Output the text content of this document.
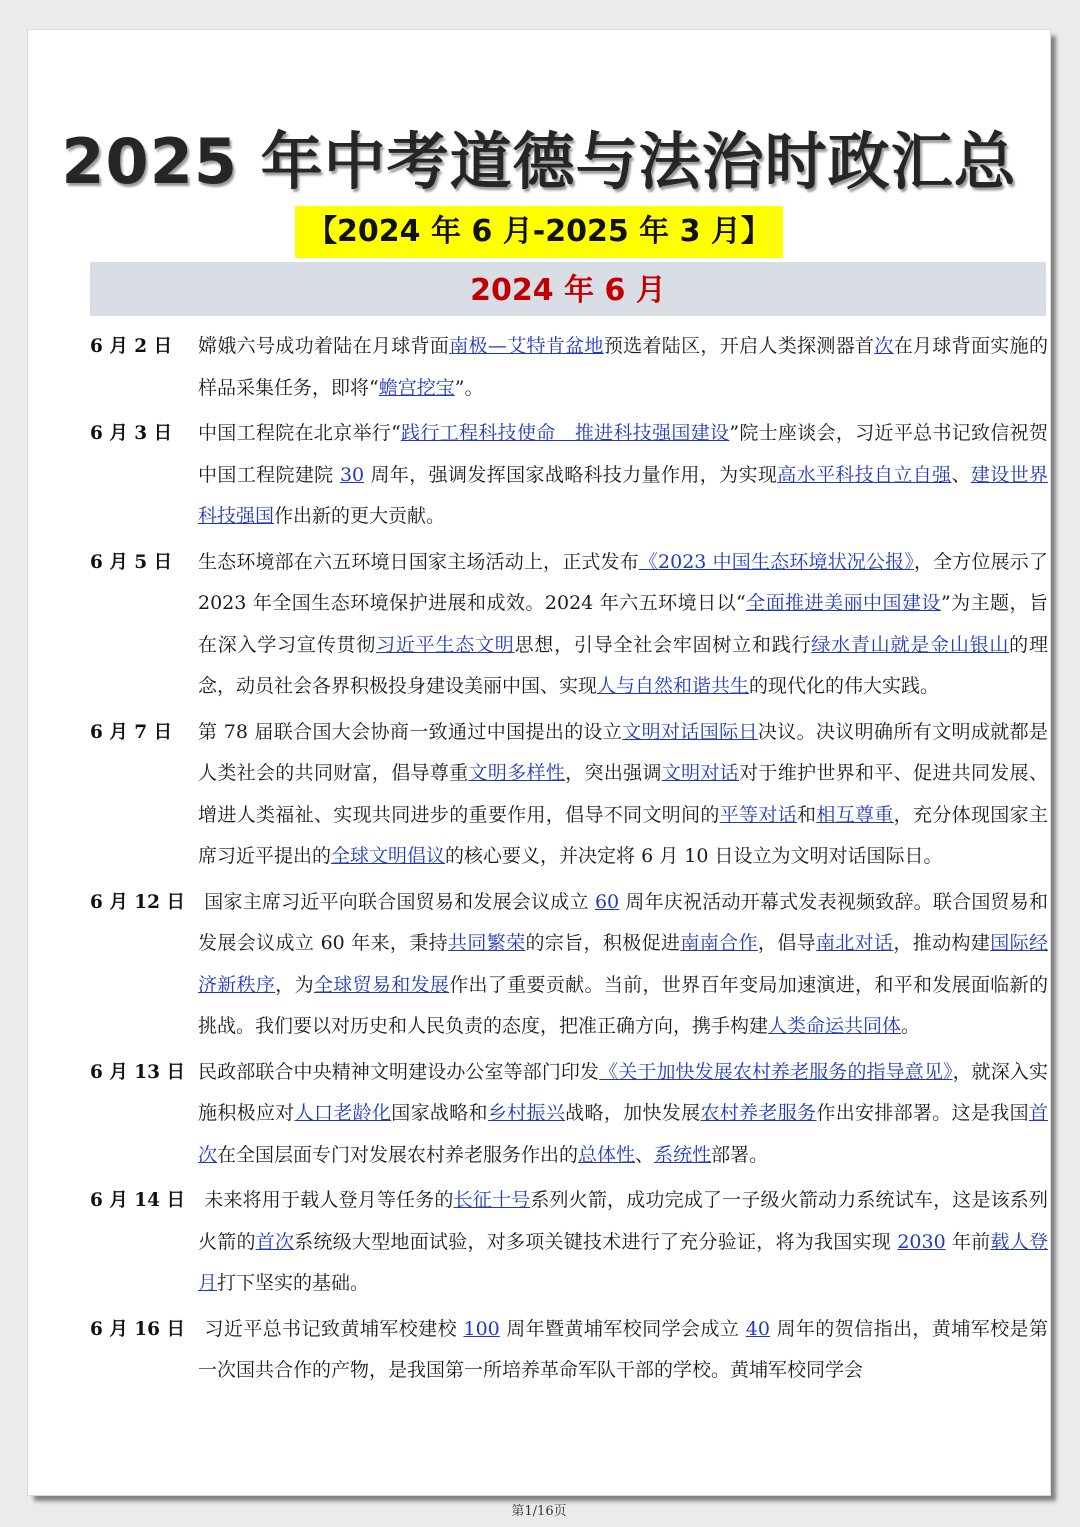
2025 年中考道德与法治时政汇总
【2024 年 6 月-2025 年 3 月】
2024 年 6 月
6 月 2 日	嫦娥六号成功着陆在月球背面南极—艾特肯盆地预选着陆区，开启人类探测器首次在月球背面实施的样品采集任务，即将“蟾宫挖宝”。
6 月 3 日	中国工程院在北京举行“践行工程科技使命　推进科技强国建设”院士座谈会，习近平总书记致信祝贺中国工程院建院 30 周年，强调发挥国家战略科技力量作用，为实现高水平科技自立自强、建设世界科技强国作出新的更大贡献。
6 月 5 日	生态环境部在六五环境日国家主场活动上，正式发布《2023 中国生态环境状况公报》，全方位展示了 2023 年全国生态环境保护进展和成效。2024 年六五环境日以“全面推进美丽中国建设”为主题，旨在深入学习宣传贯彻习近平生态文明思想，引导全社会牢固树立和践行绿水青山就是金山银山的理念，动员社会各界积极投身建设美丽中国、实现人与自然和谐共生的现代化的伟大实践。
6 月 7 日	第 78 届联合国大会协商一致通过中国提出的设立文明对话国际日决议。决议明确所有文明成就都是人类社会的共同财富，倡导尊重文明多样性，突出强调文明对话对于维护世界和平、促进共同发展、增进人类福祉、实现共同进步的重要作用，倡导不同文明间的平等对话和相互尊重，充分体现国家主席习近平提出的全球文明倡议的核心要义，并决定将 6 月 10 日设立为文明对话国际日。
6 月 12 日 国家主席习近平向联合国贸易和发展会议成立 60 周年庆祝活动开幕式发表视频致辞。联合国贸易和发展会议成立 60 年来，秉持共同繁荣的宗旨，积极促进南南合作，倡导南北对话，推动构建国际经济新秩序，为全球贸易和发展作出了重要贡献。当前，世界百年变局加速演进，和平和发展面临新的挑战。我们要以对历史和人民负责的态度，把准正确方向，携手构建人类命运共同体。
6 月 13 日 民政部联合中央精神文明建设办公室等部门印发《关于加快发展农村养老服务的指导意见》，就深入实施积极应对人口老龄化国家战略和乡村振兴战略，加快发展农村养老服务作出安排部署。这是我国首次在全国层面专门对发展农村养老服务作出的总体性、系统性部署。
6 月 14 日 未来将用于载人登月等任务的长征十号系列火箭，成功完成了一子级火箭动力系统试车，这是该系列火箭的首次系统级大型地面试验，对多项关键技术进行了充分验证，将为我国实现 2030 年前载人登月打下坚实的基础。
6 月 16 日 习近平总书记致黄埔军校建校 100 周年暨黄埔军校同学会成立 40 周年的贺信指出，黄埔军校是第一次国共合作的产物，是我国第一所培养革命军队干部的学校。黄埔军校同学会
第1/16页
